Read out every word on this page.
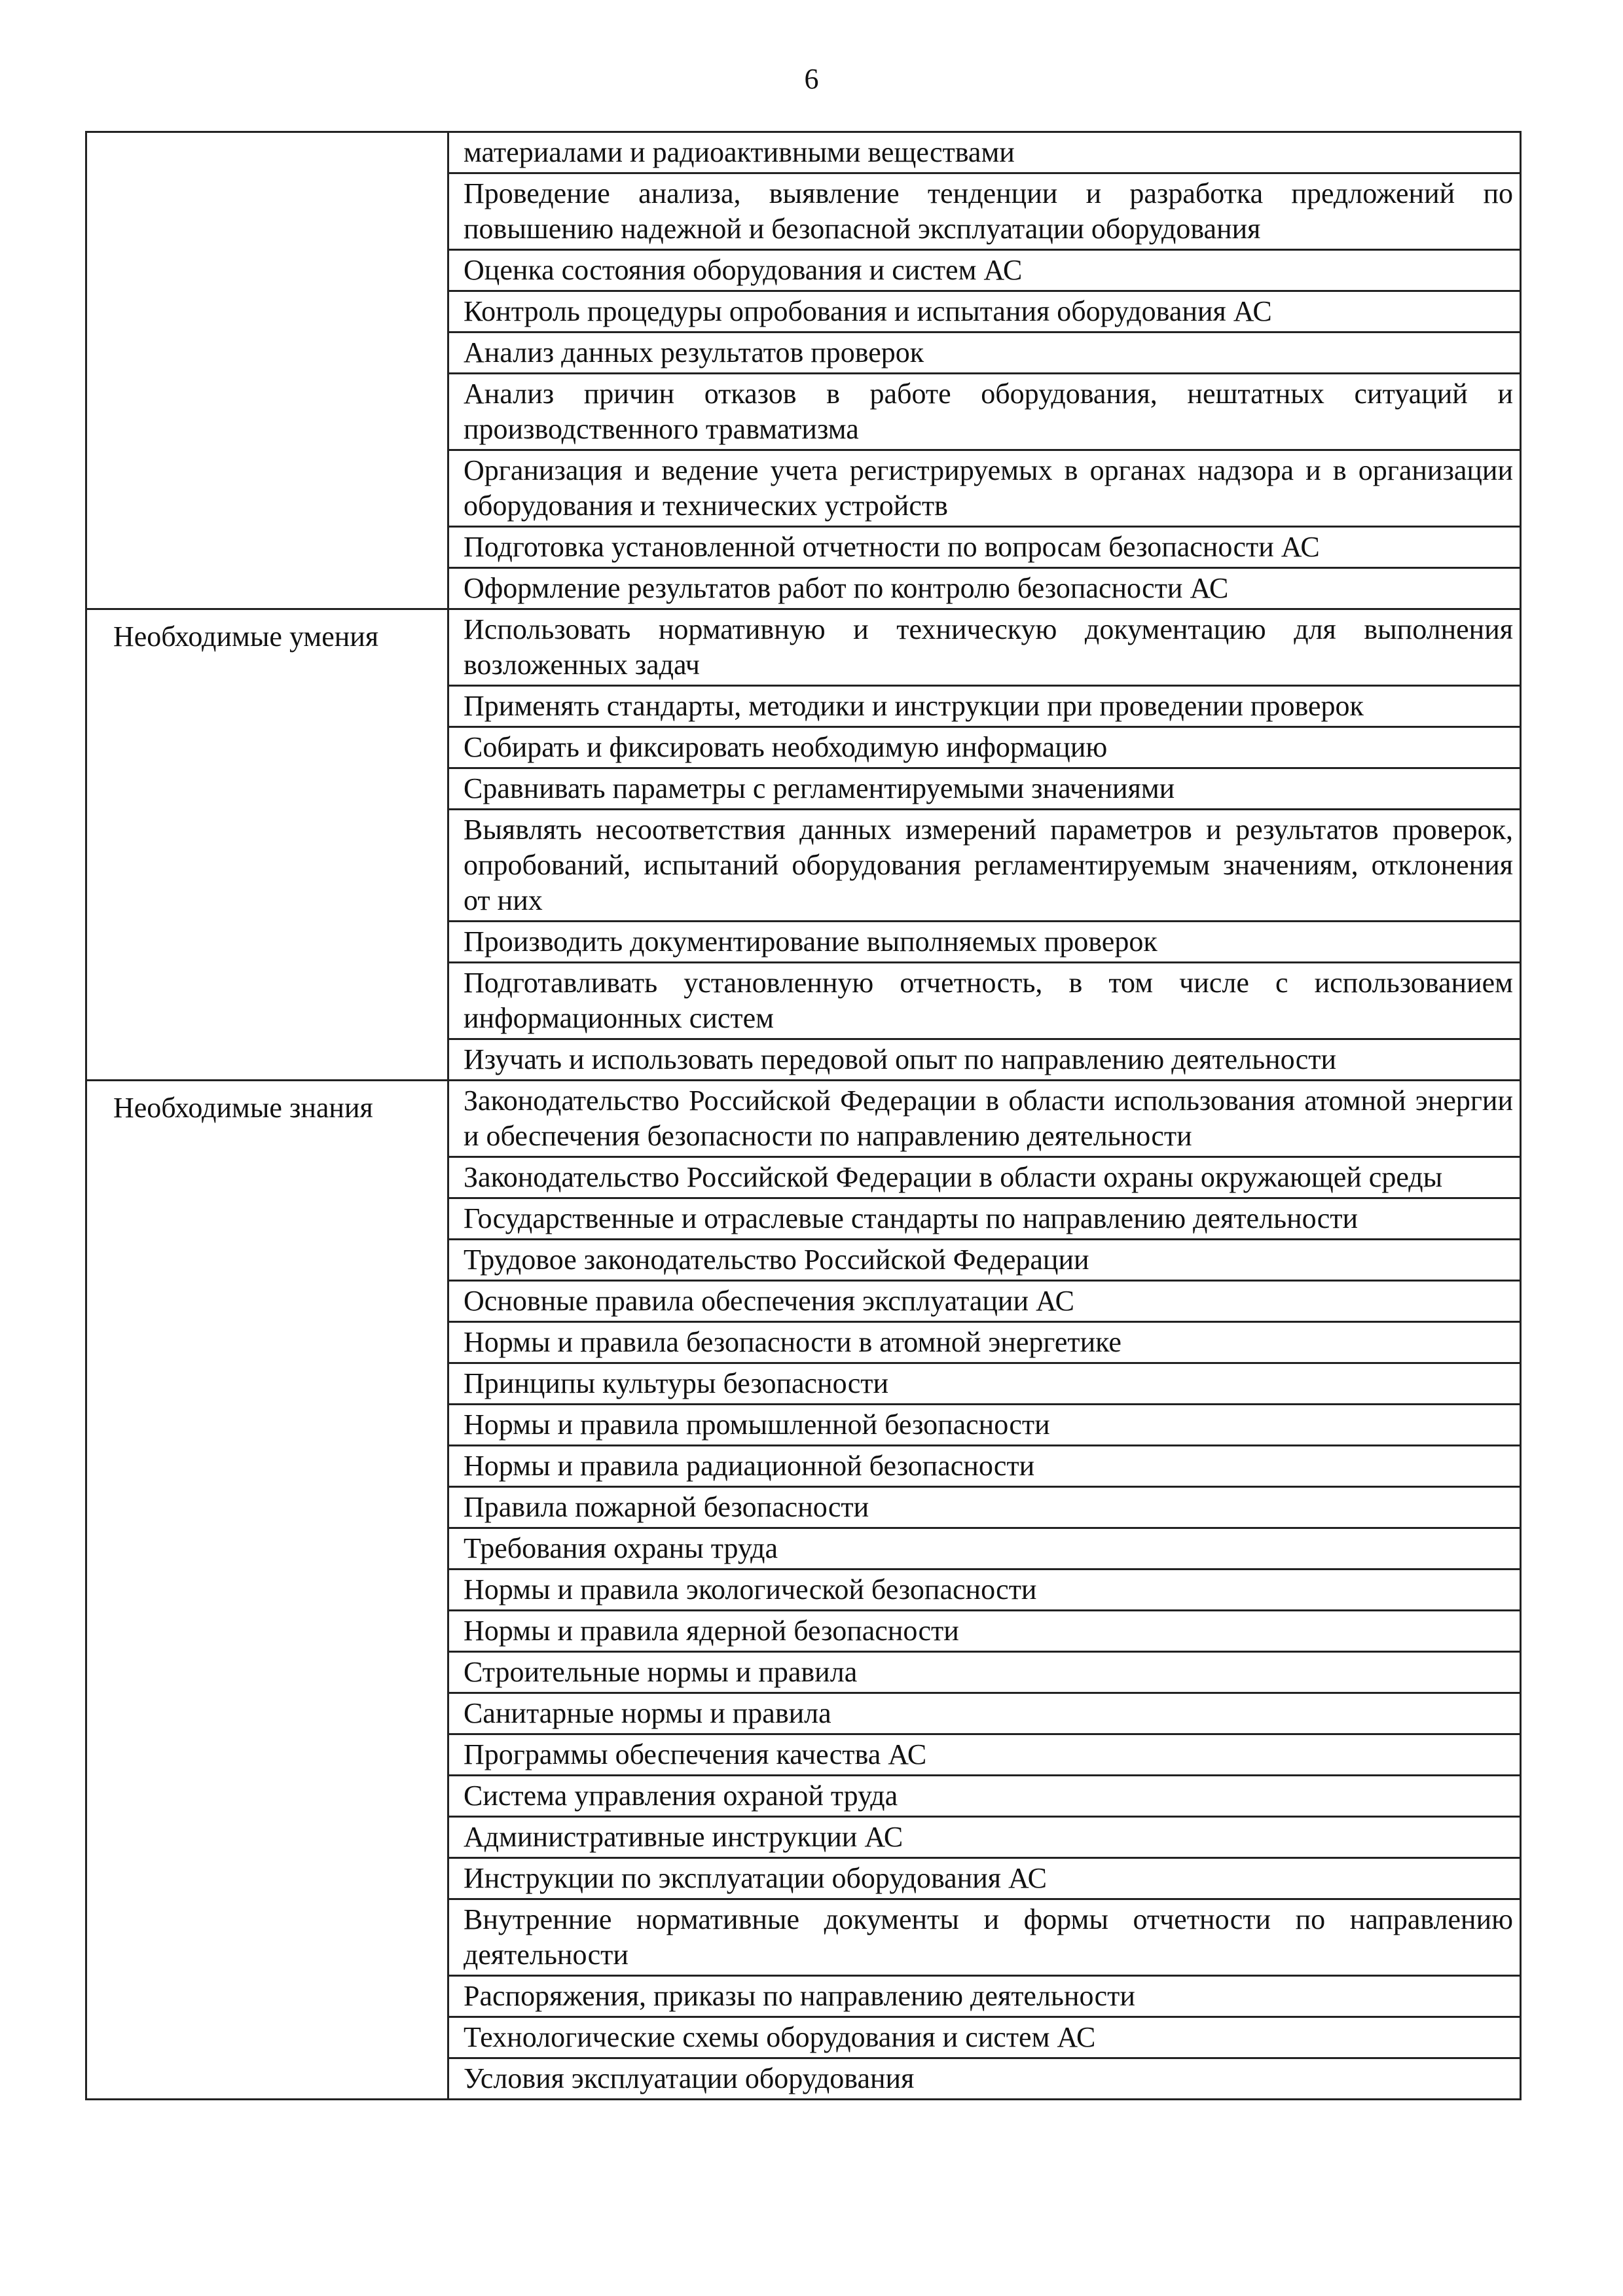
6
	материалами и радиоактивными веществами
	Проведение анализа, выявление тенденции и разработка предложений по повышению надежной и безопасной эксплуатации оборудования
	Оценка состояния оборудования и систем АС
	Контроль процедуры опробования и испытания оборудования АС
	Анализ данных результатов проверок
	Анализ причин отказов в работе оборудования, нештатных ситуаций и производственного травматизма
	Организация и ведение учета регистрируемых в органах надзора и в организации оборудования и технических устройств
	Подготовка установленной отчетности по вопросам безопасности АС
	Оформление результатов работ по контролю безопасности АС
Необходимые умения	Использовать нормативную и техническую документацию для выполнения возложенных задач
	Применять стандарты, методики и инструкции при проведении проверок
	Собирать и фиксировать необходимую информацию
	Сравнивать параметры с регламентируемыми значениями
	Выявлять несоответствия данных измерений параметров и результатов проверок, опробований, испытаний оборудования регламентируемым значениям, отклонения от них
	Производить документирование выполняемых проверок
	Подготавливать установленную отчетность, в том числе с использованием информационных систем
	Изучать и использовать передовой опыт по направлению деятельности
Необходимые знания	Законодательство Российской Федерации в области использования атомной энергии и обеспечения безопасности по направлению деятельности
	Законодательство Российской Федерации в области охраны окружающей среды
	Государственные и отраслевые стандарты по направлению деятельности
	Трудовое законодательство Российской Федерации
	Основные правила обеспечения эксплуатации АС
	Нормы и правила безопасности в атомной энергетике
	Принципы культуры безопасности
	Нормы и правила промышленной безопасности
	Нормы и правила радиационной безопасности
	Правила пожарной безопасности
	Требования охраны труда
	Нормы и правила экологической безопасности
	Нормы и правила ядерной безопасности
	Строительные нормы и правила
	Санитарные нормы и правила
	Программы обеспечения качества АС
	Система управления охраной труда
	Административные инструкции АС
	Инструкции по эксплуатации оборудования АС
	Внутренние нормативные документы и формы отчетности по направлению деятельности
	Распоряжения, приказы по направлению деятельности
	Технологические схемы оборудования и систем АС
	Условия эксплуатации оборудования
